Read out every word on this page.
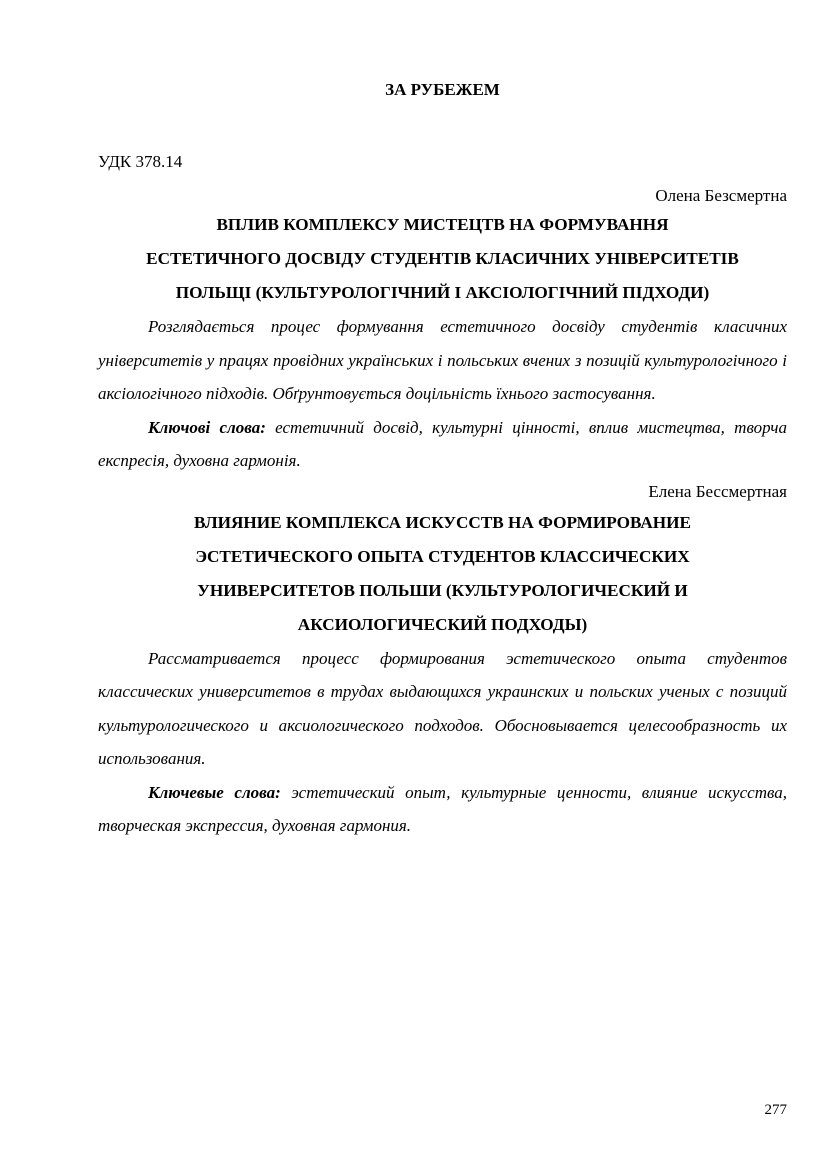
ЗА РУБЕЖЕМ

УДК 378.14

Олена Безсмертна

ВПЛИВ КОМПЛЕКСУ МИСТЕЦТВ НА ФОРМУВАННЯ

ЕСТЕТИЧНОГО ДОСВІДУ СТУДЕНТІВ КЛАСИЧНИХ УНІВЕРСИТЕТІВ

ПОЛЬЩІ (КУЛЬТУРОЛОГІЧНИЙ І АКСІОЛОГІЧНИЙ ПІДХОДИ)

Розглядається процес формування естетичного досвіду студентів класичних університетів у працях провідних українських і польських вчених з позицій культурологічного і аксіологічного підходів. Обґрунтовується доцільність їхнього застосування.

Ключові слова: естетичний досвід, культурні цінності, вплив мистецтва, творча експресія, духовна гармонія.

Елена Бессмертная

ВЛИЯНИЕ КОМПЛЕКСА ИСКУССТВ НА ФОРМИРОВАНИЕ

ЭСТЕТИЧЕСКОГО ОПЫТА СТУДЕНТОВ КЛАССИЧЕСКИХ

УНИВЕРСИТЕТОВ ПОЛЬШИ (КУЛЬТУРОЛОГИЧЕСКИЙ И

АКСИОЛОГИЧЕСКИЙ ПОДХОДЫ)

Рассматривается процесс формирования эстетического опыта студентов классических университетов в трудах выдающихся украинских и польских ученых с позиций культурологического и аксиологического подходов. Обосновывается целесообразность их использования.

Ключевые слова: эстетический опыт, культурные ценности, влияние искусства, творческая экспрессия, духовная гармония.

277
